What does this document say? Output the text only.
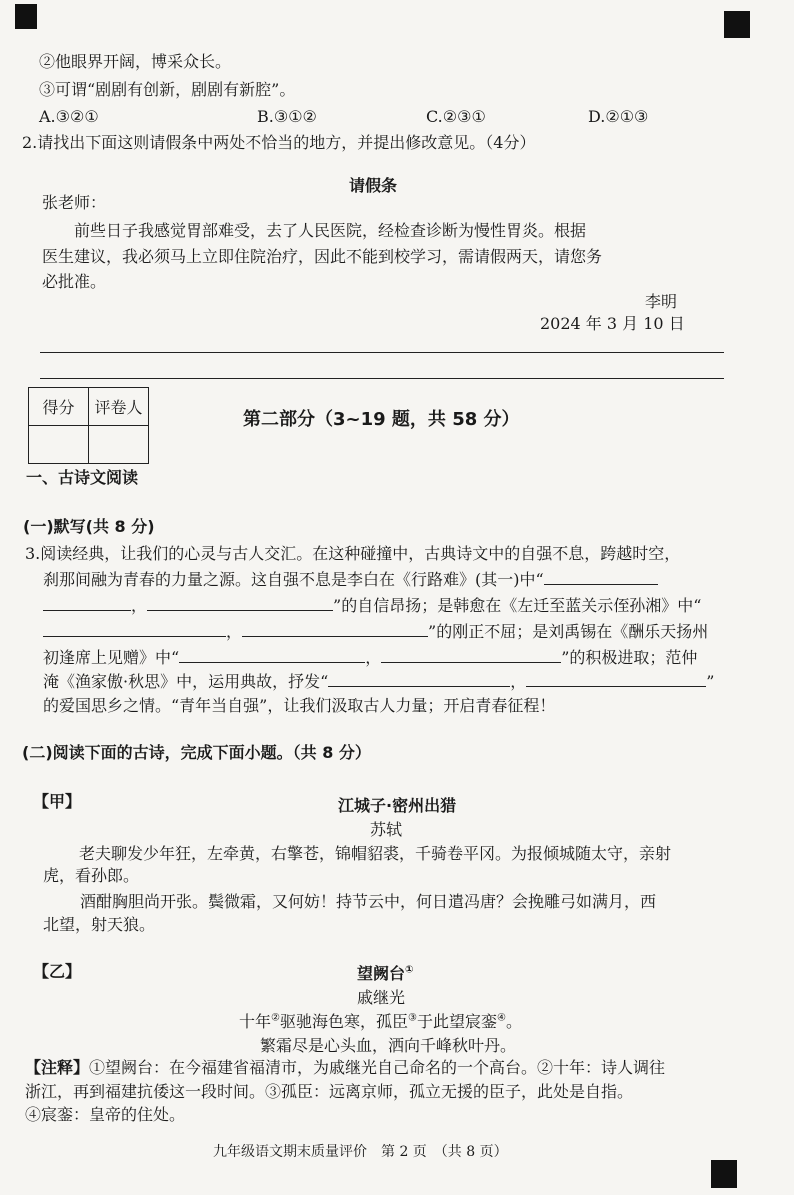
②他眼界开阔，博采众长。
③可谓“剧剧有创新，剧剧有新腔”。
A.③②①	B.③①②	C.②③①	D.②①③
2.请找出下面这则请假条中两处不恰当的地方，并提出修改意见。（4分）
请假条
张老师：
前些日子我感觉胃部难受，去了人民医院，经检查诊断为慢性胃炎。根据
医生建议，我必须马上立即住院治疗，因此不能到校学习，需请假两天，请您务
必批准。
李明
2024 年 3 月 10 日
得分	评卷人

第二部分（3~19 题，共 58 分）
一、古诗文阅读
(一)默写(共 8 分)
3.阅读经典，让我们的心灵与古人交汇。在这种碰撞中，古典诗文中的自强不息，跨越时空，
刹那间融为青春的力量之源。这自强不息是李白在《行路难》(其一)中“
，	”的自信昂扬；是韩愈在《左迁至蓝关示侄孙湘》中“
，	”的刚正不屈；是刘禹锡在《酬乐天扬州
初逢席上见赠》中“	，	”的积极进取；范仲
淹《渔家傲·秋思》中，运用典故，抒发“	，	”
的爱国思乡之情。“青年当自强”，让我们汲取古人力量；开启青春征程！
(二)阅读下面的古诗，完成下面小题。（共 8 分）
【甲】	江城子·密州出猎
苏轼
老夫聊发少年狂，左牵黄，右擎苍，锦帽貂裘，千骑卷平冈。为报倾城随太守，亲射
虎，看孙郎。
酒酣胸胆尚开张。鬓微霜，又何妨！持节云中，何日遣冯唐？会挽雕弓如满月，西
北望，射天狼。
【乙】	望阙台①
戚继光
十年②驱驰海色寒，孤臣③于此望宸銮④。
繁霜尽是心头血，洒向千峰秋叶丹。
【注释】①望阙台：在今福建省福清市，为戚继光自己命名的一个高台。②十年：诗人调往
浙江，再到福建抗倭这一段时间。③孤臣：远离京师，孤立无援的臣子，此处是自指。
④宸銮：皇帝的住处。
九年级语文期末质量评价　第 2 页　（共 8 页）
